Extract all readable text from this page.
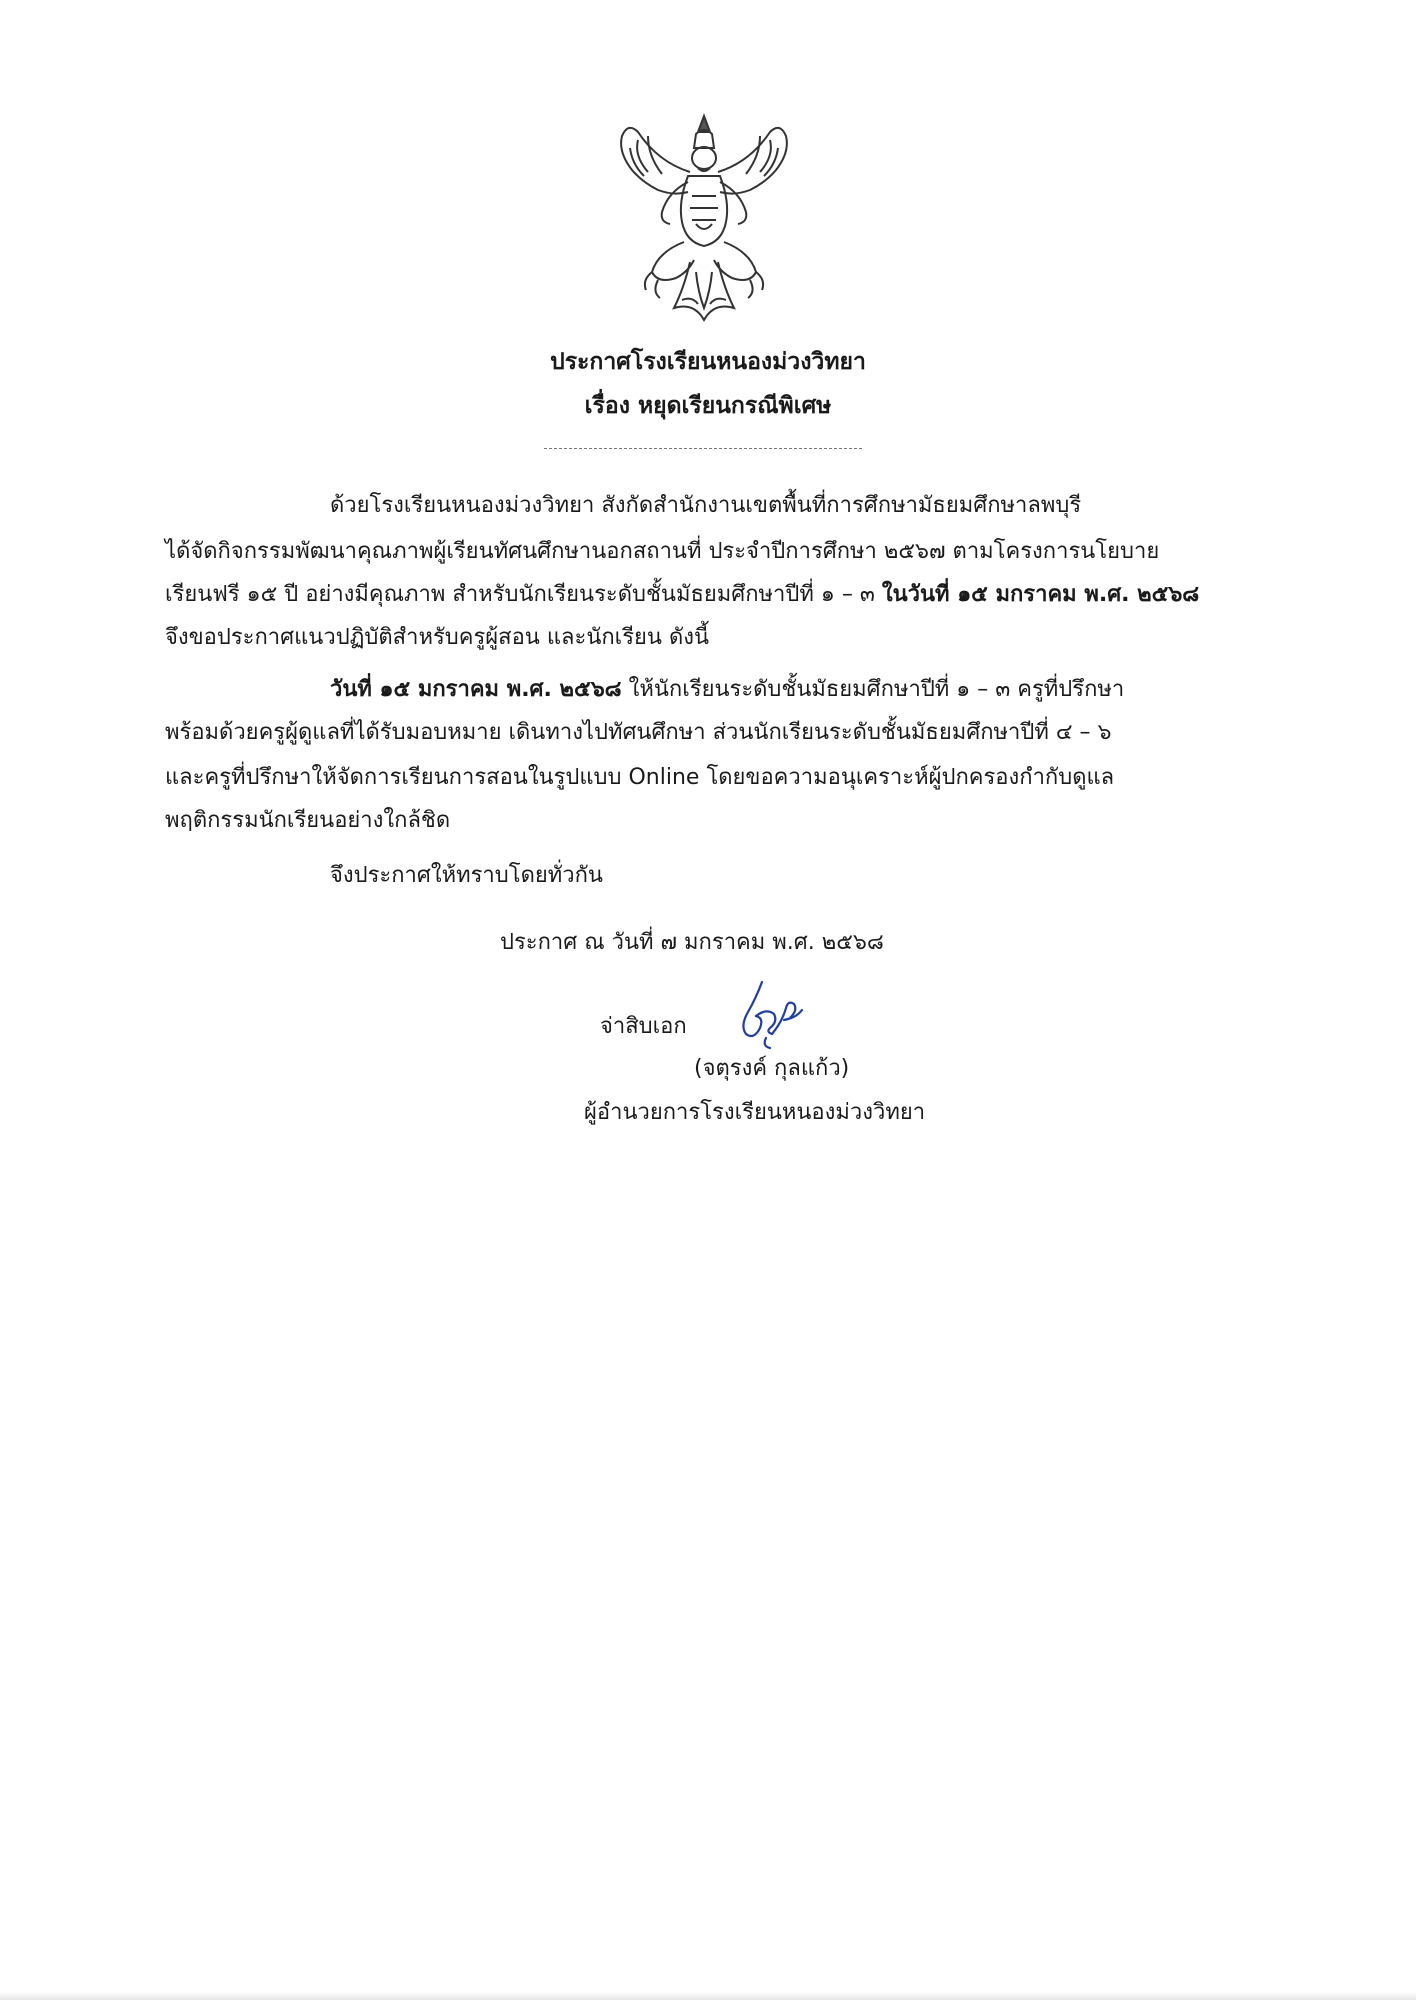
ประกาศโรงเรียนหนองม่วงวิทยา
เรื่อง หยุดเรียนกรณีพิเศษ
ด้วยโรงเรียนหนองม่วงวิทยา สังกัดสำนักงานเขตพื้นที่การศึกษามัธยมศึกษาลพบุรี
ได้จัดกิจกรรมพัฒนาคุณภาพผู้เรียนทัศนศึกษานอกสถานที่ ประจำปีการศึกษา ๒๕๖๗ ตามโครงการนโยบาย
เรียนฟรี ๑๕ ปี อย่างมีคุณภาพ สำหรับนักเรียนระดับชั้นมัธยมศึกษาปีที่ ๑ – ๓ ในวันที่ ๑๕ มกราคม พ.ศ. ๒๕๖๘
จึงขอประกาศแนวปฏิบัติสำหรับครูผู้สอน และนักเรียน ดังนี้
วันที่ ๑๕ มกราคม พ.ศ. ๒๕๖๘ ให้นักเรียนระดับชั้นมัธยมศึกษาปีที่ ๑ – ๓ ครูที่ปรึกษา
พร้อมด้วยครูผู้ดูแลที่ได้รับมอบหมาย เดินทางไปทัศนศึกษา ส่วนนักเรียนระดับชั้นมัธยมศึกษาปีที่ ๔ – ๖
และครูที่ปรึกษาให้จัดการเรียนการสอนในรูปแบบ Online โดยขอความอนุเคราะห์ผู้ปกครองกำกับดูแล
พฤติกรรมนักเรียนอย่างใกล้ชิด
จึงประกาศให้ทราบโดยทั่วกัน
ประกาศ ณ วันที่ ๗ มกราคม พ.ศ. ๒๕๖๘
จ่าสิบเอก
(จตุรงค์ กุลแก้ว)
ผู้อำนวยการโรงเรียนหนองม่วงวิทยา
